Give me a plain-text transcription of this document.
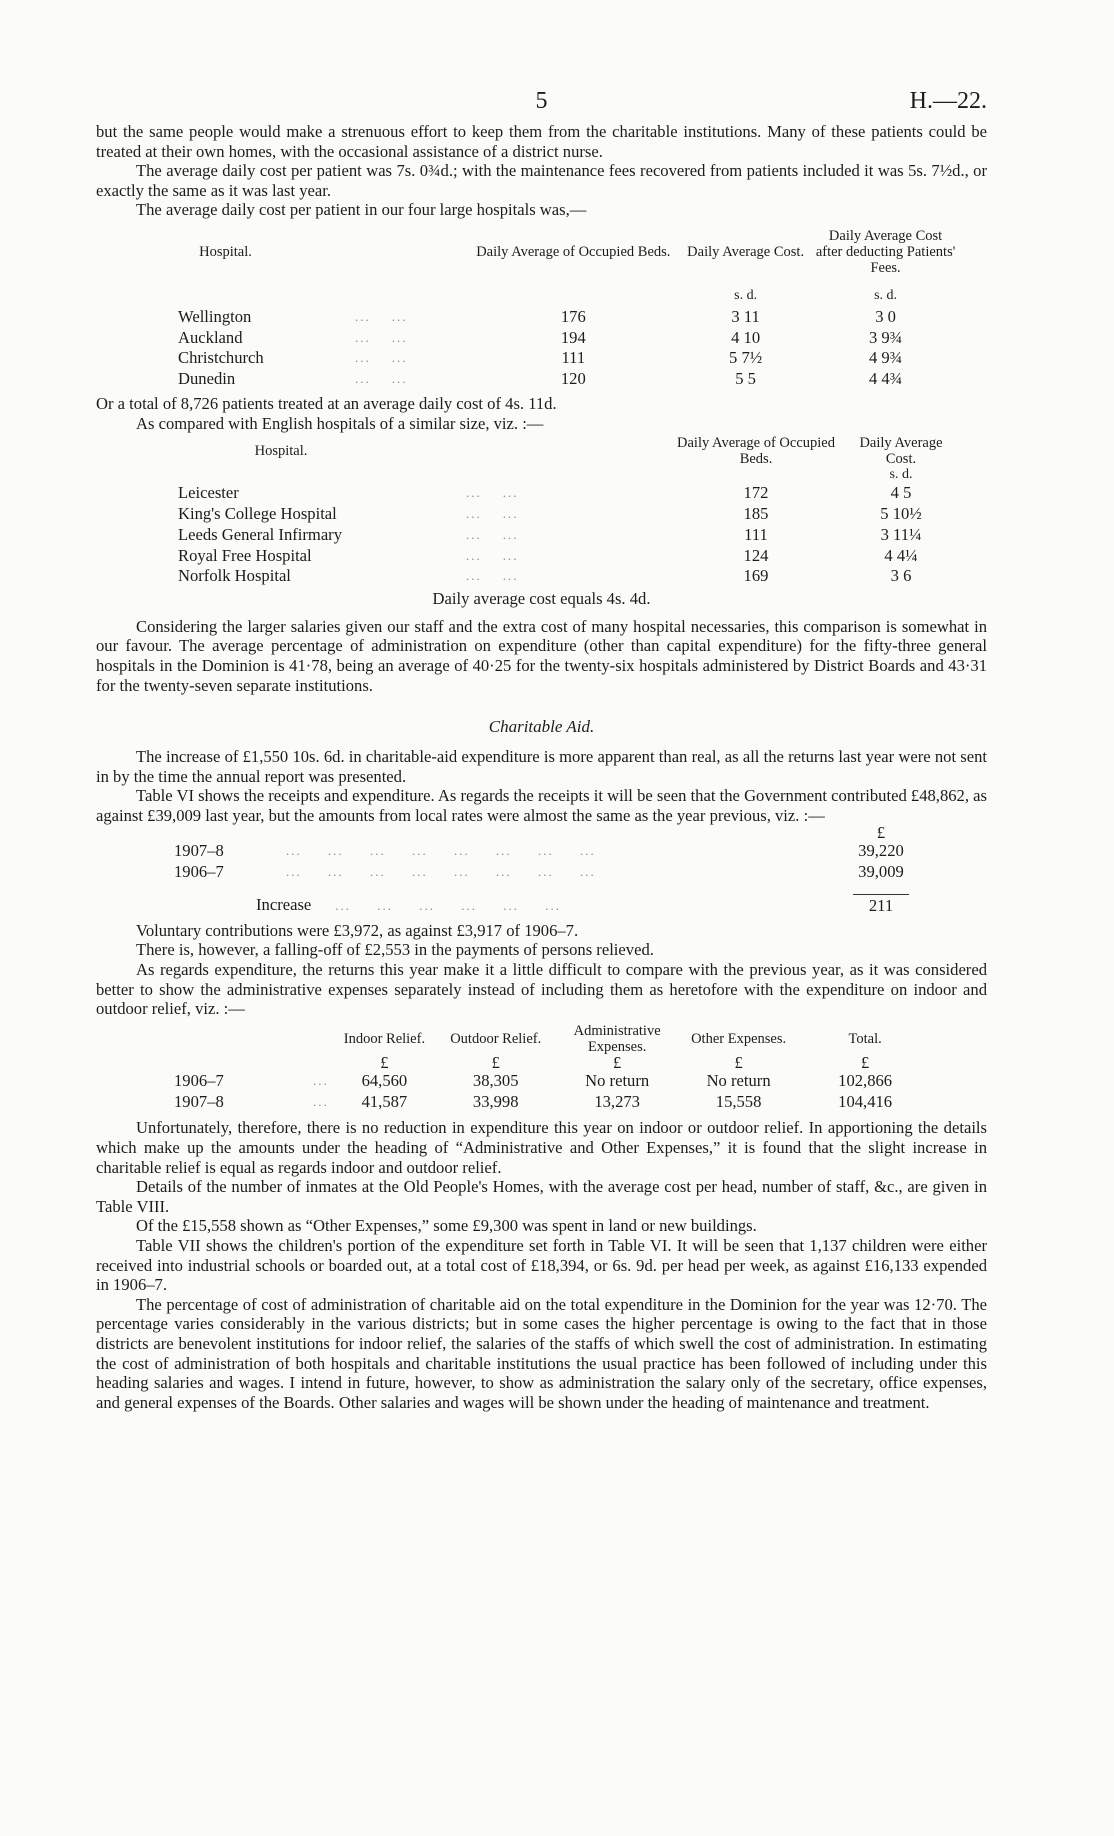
5	H.—22.

but the same people would make a strenuous effort to keep them from the charitable institutions. Many of these patients could be treated at their own homes, with the occasional assistance of a district nurse.

The average daily cost per patient was 7s. 0¾d.; with the maintenance fees recovered from patients included it was 5s. 7½d., or exactly the same as it was last year.

The average daily cost per patient in our four large hospitals was,—

Hospital.		Daily Average of Occupied Beds.	Daily Average Cost.	Daily Average Cost after deducting Patients' Fees.

			s. d.	s. d.
Wellington	...    ...	176	3 11	3 0
Auckland	...    ...	194	4 10	3 9¾
Christchurch	...    ...	111	5 7½	4 9¾
Dunedin	...    ...	120	5 5	4 4¾

Or a total of 8,726 patients treated at an average daily cost of 4s. 11d.

As compared with English hospitals of a similar size, viz. :—

Hospital.		Daily Average of Occupied Beds.	Daily Average Cost.
			s. d.
Leicester	...    ...	172	4 5
King's College Hospital	...    ...	185	5 10½
Leeds General Infirmary	...    ...	111	3 11¼
Royal Free Hospital	...    ...	124	4 4¼
Norfolk Hospital	...    ...	169	3 6

Daily average cost equals 4s. 4d.

Considering the larger salaries given our staff and the extra cost of many hospital necessaries, this comparison is somewhat in our favour. The average percentage of administration on expenditure (other than capital expenditure) for the fifty-three general hospitals in the Dominion is 41·78, being an average of 40·25 for the twenty-six hospitals administered by District Boards and 43·31 for the twenty-seven separate institutions.

Charitable Aid.

The increase of £1,550 10s. 6d. in charitable-aid expenditure is more apparent than real, as all the returns last year were not sent in by the time the annual report was presented.

Table VI shows the receipts and expenditure. As regards the receipts it will be seen that the Government contributed £48,862, as against £39,009 last year, but the amounts from local rates were almost the same as the year previous, viz. :—

		£
1907–8	...     ...     ...     ...     ...     ...     ...     ...	39,220
1906–7	...     ...     ...     ...     ...     ...     ...     ...	39,009

	Increase ...     ...     ...     ...     ...     ...	211

Voluntary contributions were £3,972, as against £3,917 of 1906–7.

There is, however, a falling-off of £2,553 in the payments of persons relieved.

As regards expenditure, the returns this year make it a little difficult to compare with the previous year, as it was considered better to show the administrative expenses separately instead of including them as heretofore with the expenditure on indoor and outdoor relief, viz. :—

		Indoor Relief.	Outdoor Relief.	Administrative Expenses.	Other Expenses.	Total.
		£	£	£	£	£
1906–7	...	64,560	38,305	No return	No return	102,866
1907–8	...	41,587	33,998	13,273	15,558	104,416

Unfortunately, therefore, there is no reduction in expenditure this year on indoor or outdoor relief. In apportioning the details which make up the amounts under the heading of “Administrative and Other Expenses,” it is found that the slight increase in charitable relief is equal as regards indoor and outdoor relief.

Details of the number of inmates at the Old People's Homes, with the average cost per head, number of staff, &c., are given in Table VIII.

Of the £15,558 shown as “Other Expenses,” some £9,300 was spent in land or new buildings.

Table VII shows the children's portion of the expenditure set forth in Table VI. It will be seen that 1,137 children were either received into industrial schools or boarded out, at a total cost of £18,394, or 6s. 9d. per head per week, as against £16,133 expended in 1906–7.

The percentage of cost of administration of charitable aid on the total expenditure in the Dominion for the year was 12·70. The percentage varies considerably in the various districts; but in some cases the higher percentage is owing to the fact that in those districts are benevolent institutions for indoor relief, the salaries of the staffs of which swell the cost of administration. In estimating the cost of administration of both hospitals and charitable institutions the usual practice has been followed of including under this heading salaries and wages. I intend in future, however, to show as administration the salary only of the secretary, office expenses, and general expenses of the Boards. Other salaries and wages will be shown under the heading of maintenance and treatment.
